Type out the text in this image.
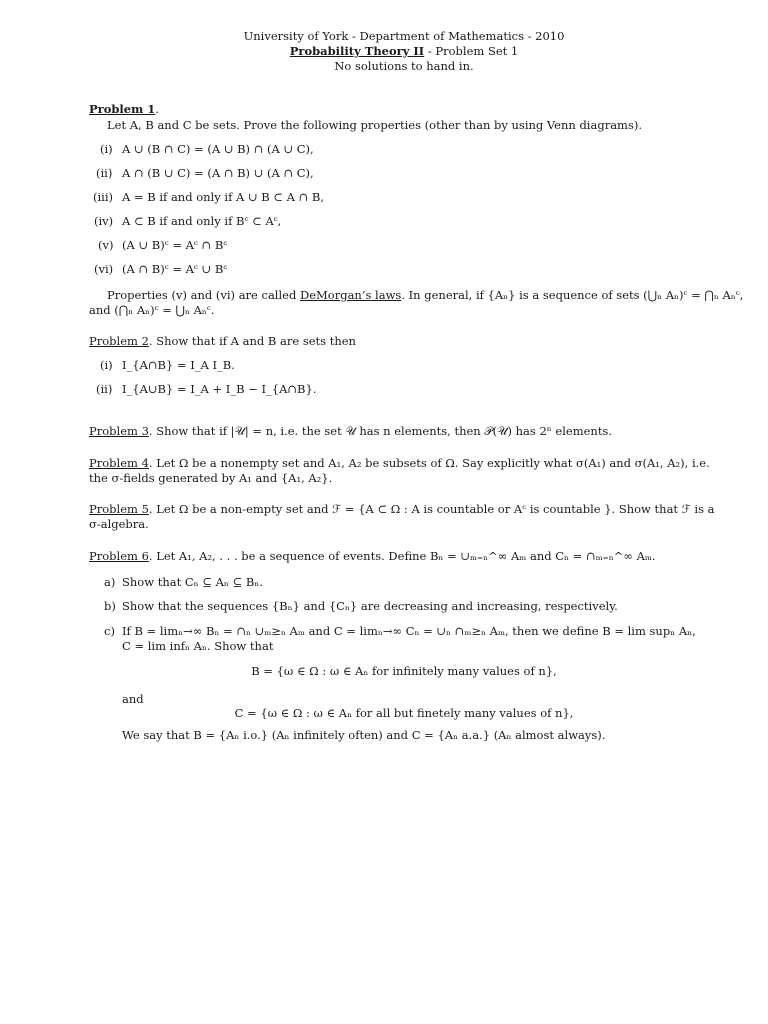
University of York - Department of Mathematics - 2010
Probability Theory II - Problem Set 1
No solutions to hand in.
Problem 1.
Let A, B and C be sets. Prove the following properties (other than by using Venn diagrams).
(i) A ∪ (B ∩ C) = (A ∪ B) ∩ (A ∪ C),
(ii) A ∩ (B ∪ C) = (A ∩ B) ∪ (A ∩ C),
(iii) A = B if and only if A ∪ B ⊂ A ∩ B,
(iv) A ⊂ B if and only if Bᶜ ⊂ Aᶜ,
(v) (A ∪ B)ᶜ = Aᶜ ∩ Bᶜ
(vi) (A ∩ B)ᶜ = Aᶜ ∪ Bᶜ
Properties (v) and (vi) are called DeMorgan’s laws. In general, if {Aₙ} is a sequence of sets (⋃ₙ Aₙ)ᶜ = ⋂ₙ Aₙᶜ,
and (⋂ₙ Aₙ)ᶜ = ⋃ₙ Aₙᶜ.
Problem 2. Show that if A and B are sets then
(i) I_{A∩B} = I_A I_B.
(ii) I_{A∪B} = I_A + I_B − I_{A∩B}.
Problem 3. Show that if |𝒰| = n, i.e. the set 𝒰 has n elements, then 𝒫(𝒰) has 2ⁿ elements.
Problem 4. Let Ω be a nonempty set and A₁, A₂ be subsets of Ω. Say explicitly what σ(A₁) and σ(A₁, A₂), i.e.
the σ-fields generated by A₁ and {A₁, A₂}.
Problem 5. Let Ω be a non-empty set and ℱ = {A ⊂ Ω : A is countable or Aᶜ is countable }. Show that ℱ is a
σ-algebra.
Problem 6. Let A₁, A₂, . . . be a sequence of events. Define Bₙ = ∪ₘ₌ₙ^∞ Aₘ and Cₙ = ∩ₘ₌ₙ^∞ Aₘ.
a) Show that Cₙ ⊆ Aₙ ⊆ Bₙ.
b) Show that the sequences {Bₙ} and {Cₙ} are decreasing and increasing, respectively.
c) If B = limₙ→∞ Bₙ = ∩ₙ ∪ₘ≥ₙ Aₘ and C = limₙ→∞ Cₙ = ∪ₙ ∩ₘ≥ₙ Aₘ, then we define B = lim supₙ Aₙ,
C = lim infₙ Aₙ. Show that
B = {ω ∈ Ω : ω ∈ Aₙ for infinitely many values of n},
and
C = {ω ∈ Ω : ω ∈ Aₙ for all but finetely many values of n},
We say that B = {Aₙ i.o.} (Aₙ infinitely often) and C = {Aₙ a.a.} (Aₙ almost always).
